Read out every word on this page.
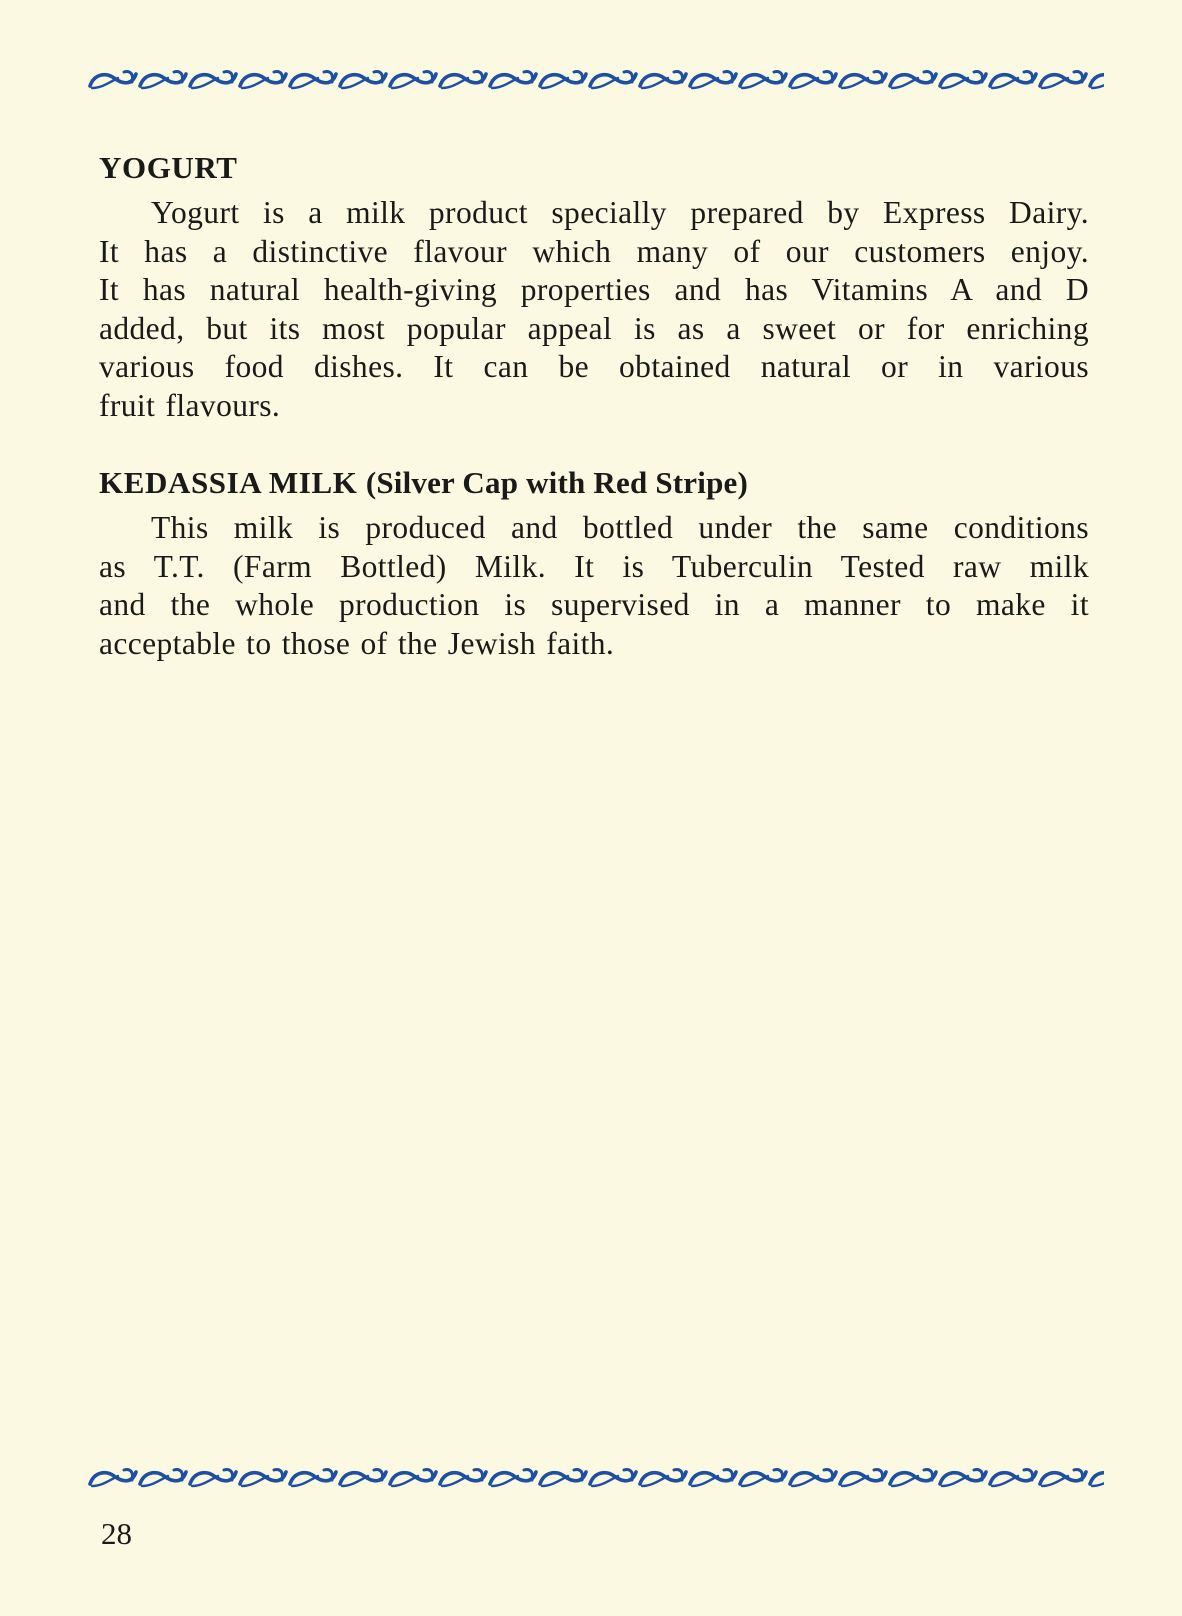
YOGURT

Yogurt is a milk product specially prepared by Express Dairy.
It has a distinctive flavour which many of our customers enjoy.
It has natural health-giving properties and has Vitamins A and D
added, but its most popular appeal is as a sweet or for enriching
various food dishes. It can be obtained natural or in various
fruit flavours.

KEDASSIA MILK (Silver Cap with Red Stripe)

This milk is produced and bottled under the same conditions
as T.T. (Farm Bottled) Milk. It is Tuberculin Tested raw milk
and the whole production is supervised in a manner to make it
acceptable to those of the Jewish faith.

28
